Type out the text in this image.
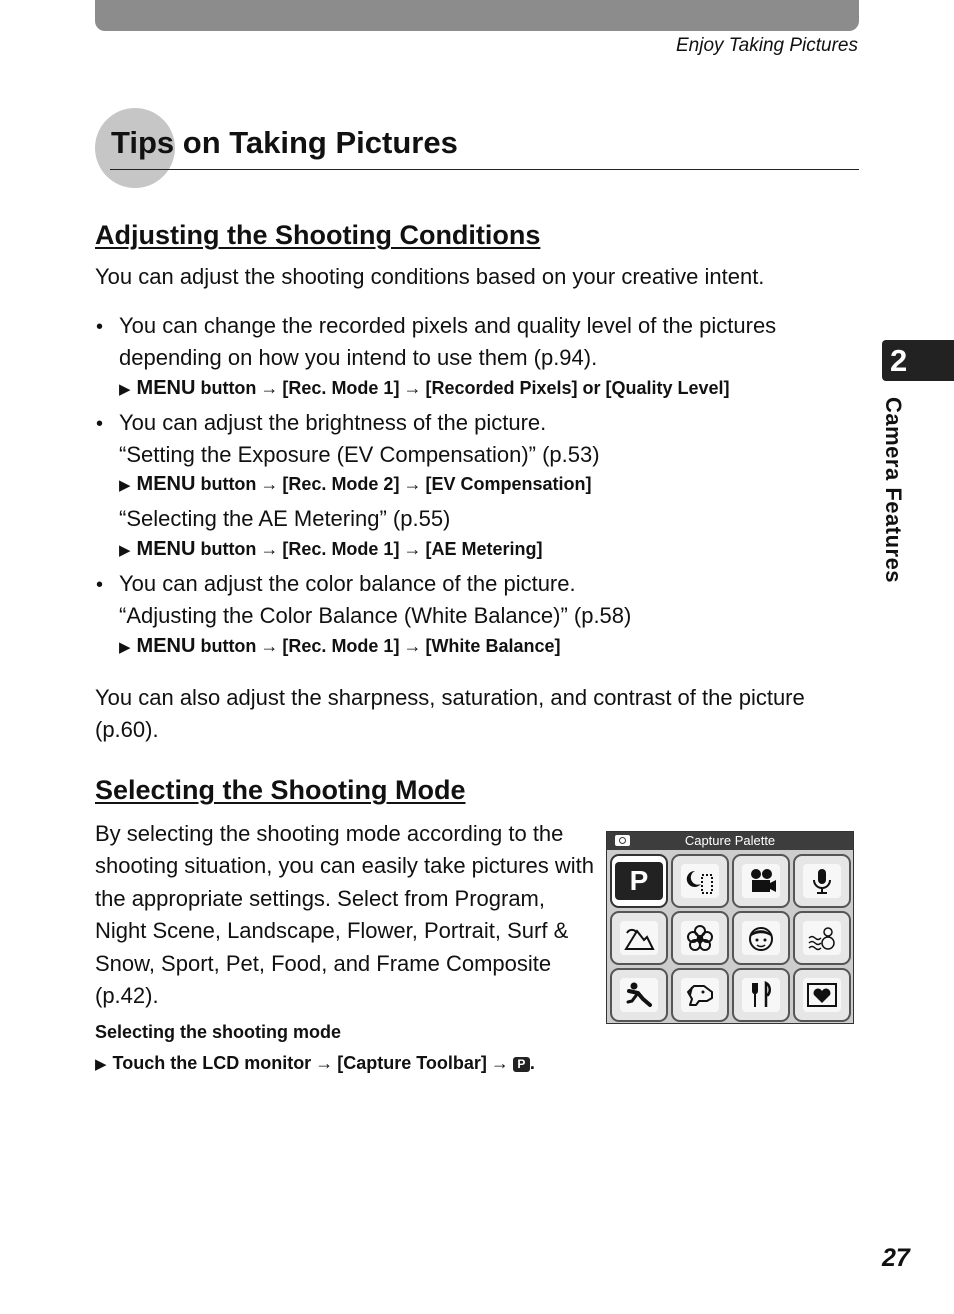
Enjoy Taking Pictures
Tips on Taking Pictures
2
Camera Features
Adjusting the Shooting Conditions

You can adjust the shooting conditions based on your creative intent.

• You can change the recorded pixels and quality level of the pictures
depending on how you intend to use them (p.94).
▶ MENU button → [Rec. Mode 1] → [Recorded Pixels] or [Quality Level]
• You can adjust the brightness of the picture.
“Setting the Exposure (EV Compensation)” (p.53)
▶ MENU button → [Rec. Mode 2] → [EV Compensation]
“Selecting the AE Metering” (p.55)
▶ MENU button → [Rec. Mode 1] → [AE Metering]
• You can adjust the color balance of the picture.
“Adjusting the Color Balance (White Balance)” (p.58)
▶ MENU button → [Rec. Mode 1] → [White Balance]

You can also adjust the sharpness, saturation, and contrast of the picture (p.60).

Selecting the Shooting Mode

By selecting the shooting mode according to the shooting situation, you can easily take pictures with the appropriate settings. Select from Program, Night Scene, Landscape, Flower, Portrait, Surf & Snow, Sport, Pet, Food, and Frame Composite (p.42).

Selecting the shooting mode
▶ Touch the LCD monitor → [Capture Toolbar] → P .
Capture Palette
P
27
